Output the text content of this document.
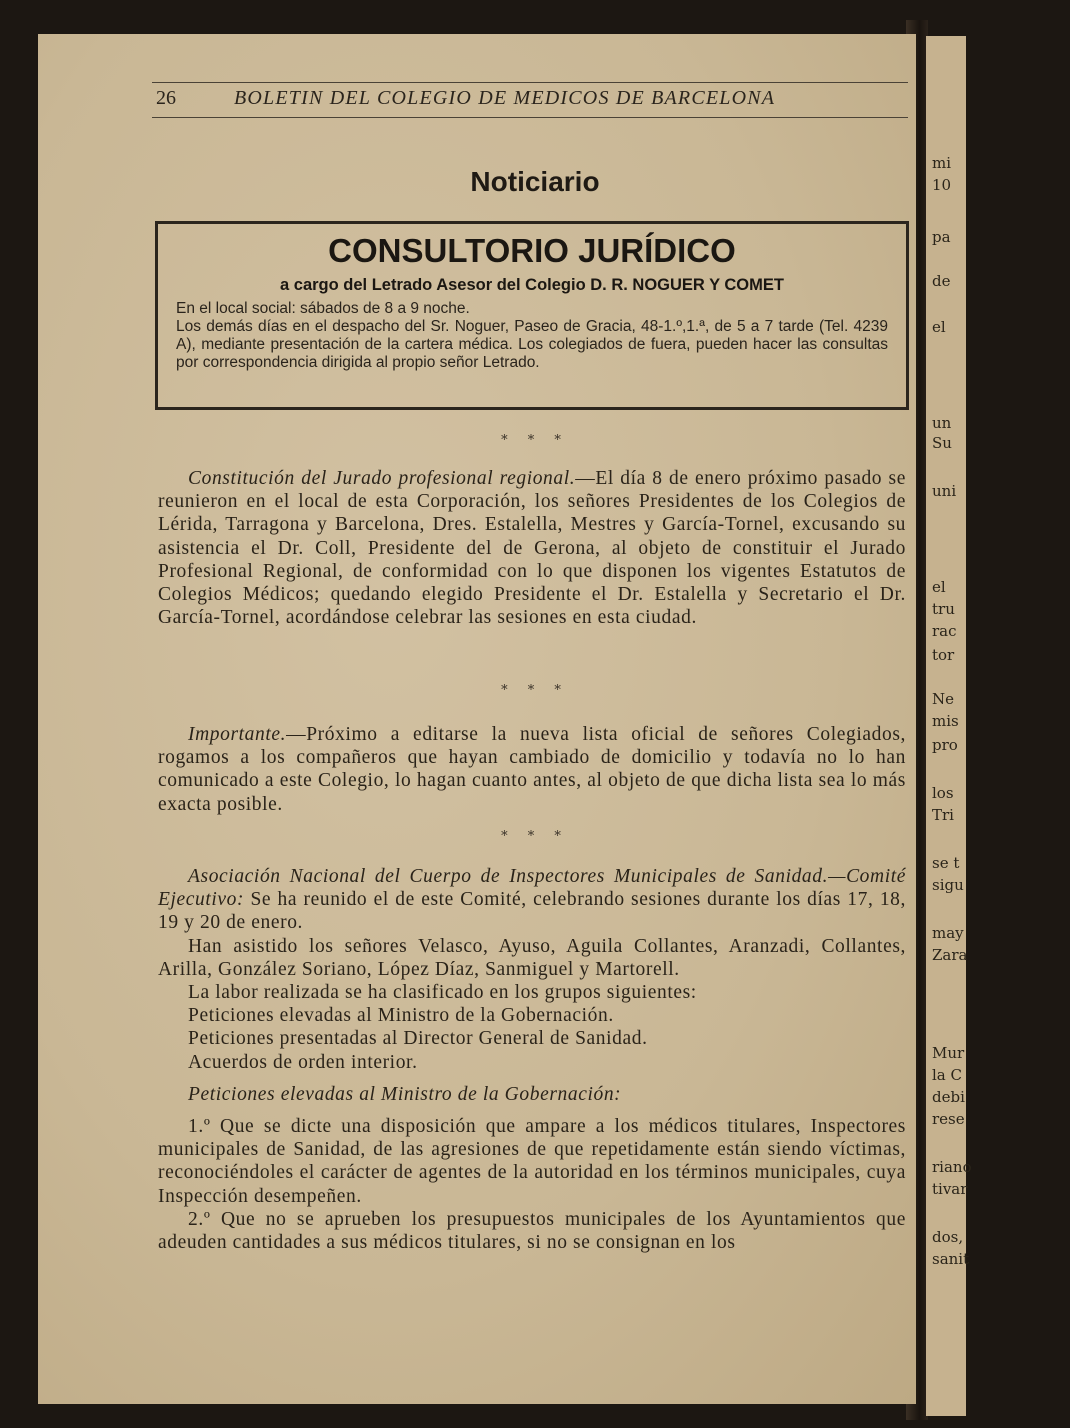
mi
10
pa
de
el
un
Su
uni
el
tru
rac
tor
Ne
mis
pro
los
Tri
se t
sigu
may
Zara
Mur
la C
debi
rese
riano
tivar
dos,
sanit
26	BOLETIN DEL COLEGIO DE MEDICOS DE BARCELONA
Noticiario
CONSULTORIO JURÍDICO
a cargo del Letrado Asesor del Colegio D. R. NOGUER Y COMET

En el local social: sábados de 8 a 9 noche.

Los demás días en el despacho del Sr. Noguer, Paseo de Gracia, 48-1.º,1.ª, de 5 a 7 tarde (Tel. 4239 A), mediante presentación de la cartera médica. Los colegiados de fuera, pueden hacer las consultas por correspondencia dirigida al propio señor Letrado.

* * *

Constitución del Jurado profesional regional.—El día 8 de enero próximo pasado se reunieron en el local de esta Corporación, los señores Presidentes de los Colegios de Lérida, Tarragona y Barcelona, Dres. Estalella, Mestres y García-Tornel, excusando su asistencia el Dr. Coll, Presidente del de Gerona, al objeto de constituir el Jurado Profesional Regional, de conformidad con lo que disponen los vigentes Estatutos de Colegios Médicos; quedando elegido Presidente el Dr. Estalella y Secretario el Dr. García-Tornel, acordándose celebrar las sesiones en esta ciudad.

* * *

Importante.—Próximo a editarse la nueva lista oficial de señores Colegiados, rogamos a los compañeros que hayan cambiado de domicilio y todavía no lo han comunicado a este Colegio, lo hagan cuanto antes, al objeto de que dicha lista sea lo más exacta posible.

* * *

Asociación Nacional del Cuerpo de Inspectores Municipales de Sanidad.—Comité Ejecutivo: Se ha reunido el de este Comité, celebrando sesiones durante los días 17, 18, 19 y 20 de enero.

Han asistido los señores Velasco, Ayuso, Aguila Collantes, Aranzadi, Collantes, Arilla, González Soriano, López Díaz, Sanmiguel y Martorell.

La labor realizada se ha clasificado en los grupos siguientes:

Peticiones elevadas al Ministro de la Gobernación.

Peticiones presentadas al Director General de Sanidad.

Acuerdos de orden interior.

Peticiones elevadas al Ministro de la Gobernación:

1.º Que se dicte una disposición que ampare a los médicos titulares, Inspectores municipales de Sanidad, de las agresiones de que repetidamente están siendo víctimas, reconociéndoles el carácter de agentes de la autoridad en los términos municipales, cuya Inspección desempeñen.

2.º Que no se aprueben los presupuestos municipales de los Ayuntamientos que adeuden cantidades a sus médicos titulares, si no se consignan en los
